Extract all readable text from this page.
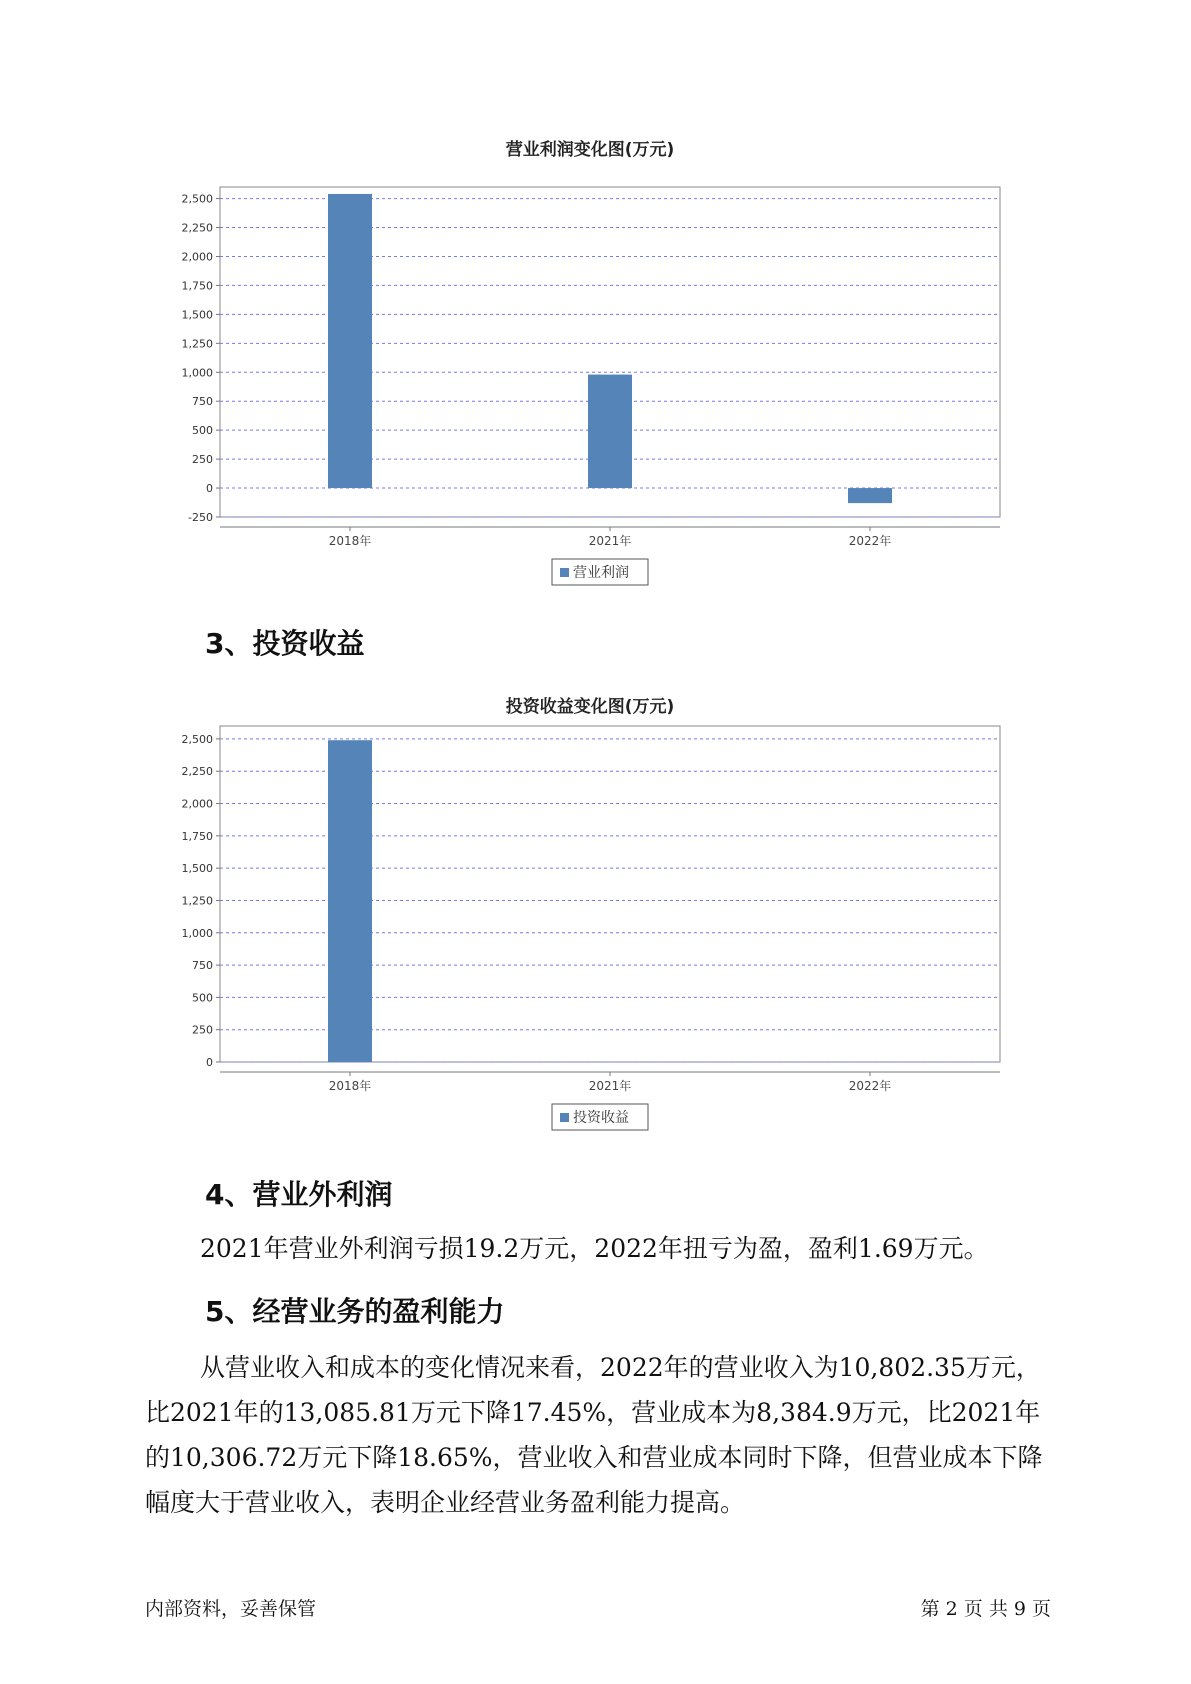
营业利润变化图(万元)
-250
0
250
500
750
1,000
1,250
1,500
1,750
2,000
2,250
2,500
2018年	2021年	2022年
营业利润
3、投资收益
投资收益变化图(万元)
0
250
500
750
1,000
1,250
1,500
1,750
2,000
2,250
2,500
2018年	2021年	2022年
投资收益
4、营业外利润

2021年营业外利润亏损19.2万元，2022年扭亏为盈，盈利1.69万元。

5、经营业务的盈利能力

从营业收入和成本的变化情况来看，2022年的营业收入为10,802.35万元，比2021年的13,085.81万元下降17.45%，营业成本为8,384.9万元，比2021年的10,306.72万元下降18.65%，营业收入和营业成本同时下降，但营业成本下降幅度大于营业收入，表明企业经营业务盈利能力提高。

内部资料，妥善保管	第 2 页 共 9 页
